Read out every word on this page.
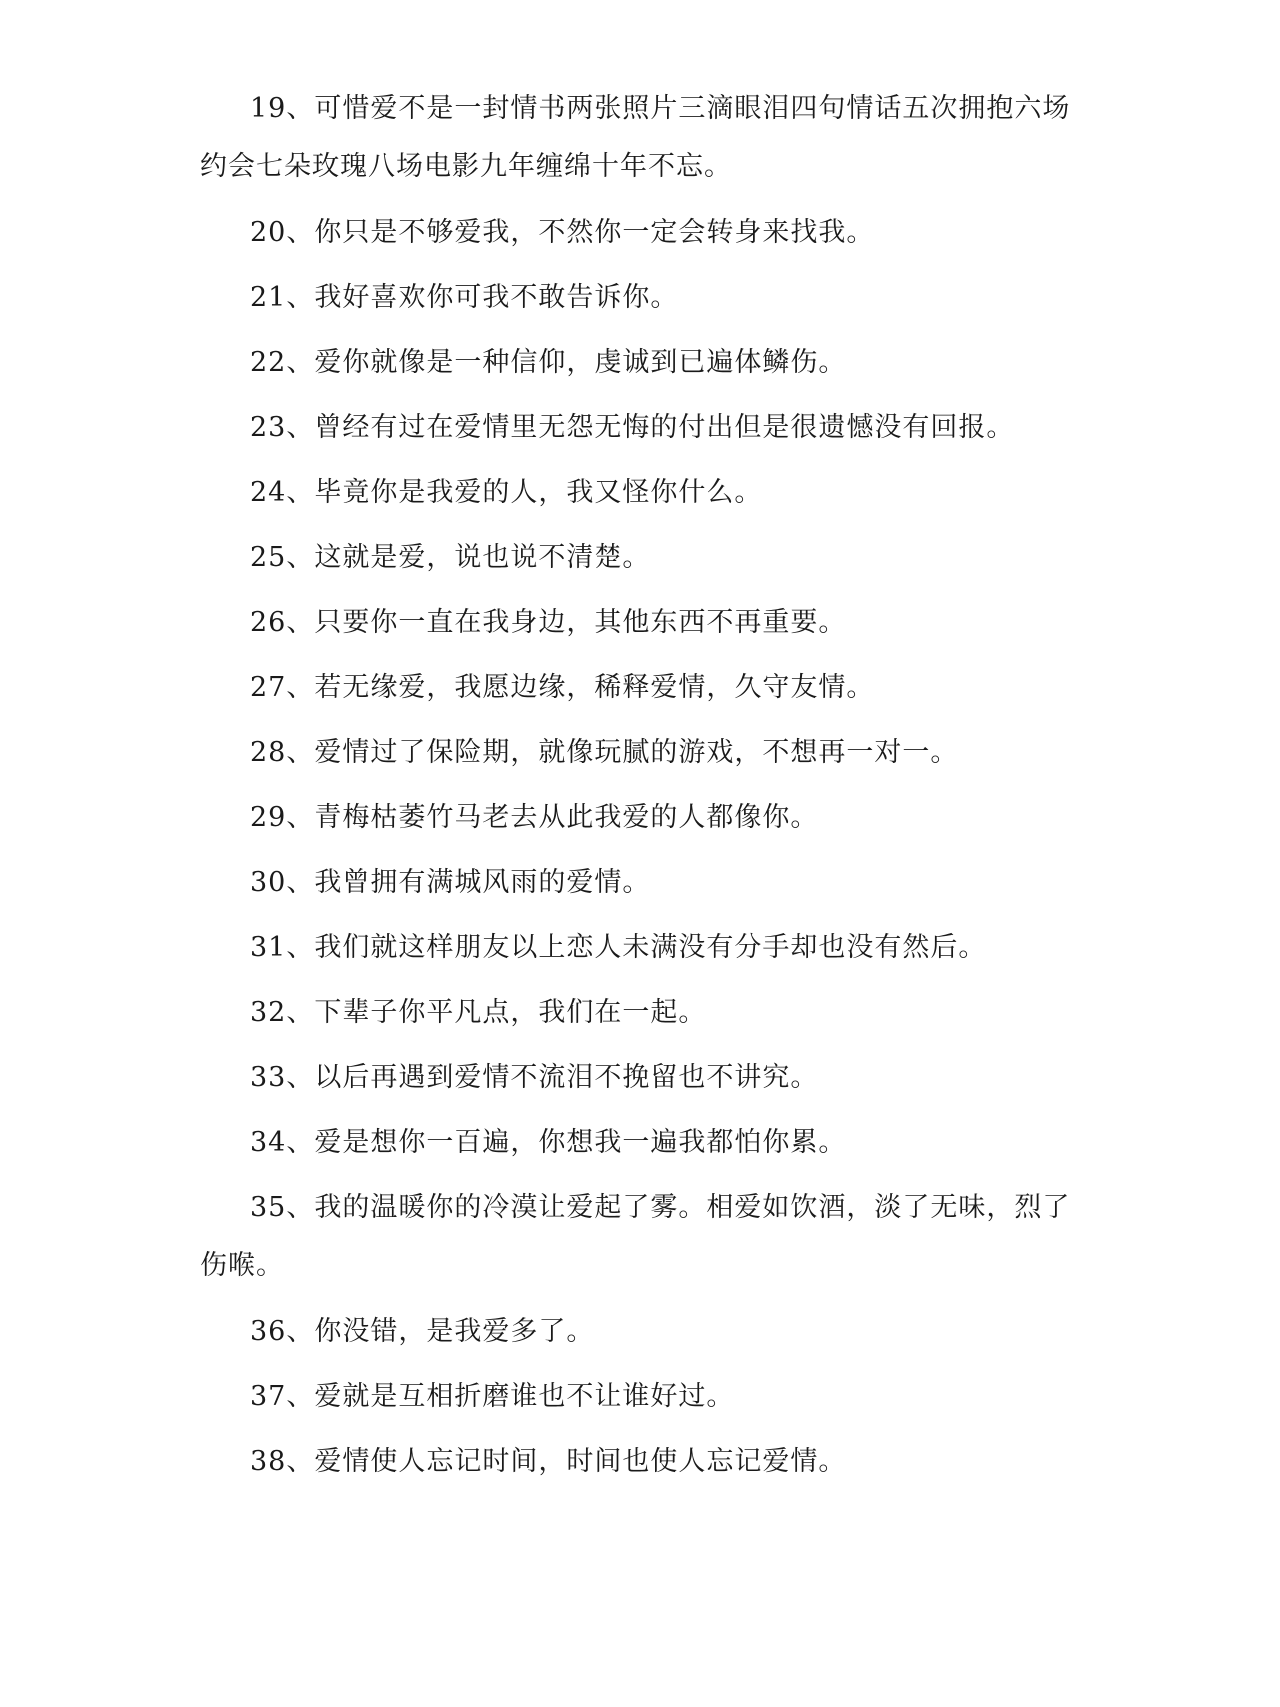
19、可惜爱不是一封情书两张照片三滴眼泪四句情话五次拥抱六场
约会七朵玫瑰八场电影九年缠绵十年不忘。
20、你只是不够爱我，不然你一定会转身来找我。
21、我好喜欢你可我不敢告诉你。
22、爱你就像是一种信仰，虔诚到已遍体鳞伤。
23、曾经有过在爱情里无怨无悔的付出但是很遗憾没有回报。
24、毕竟你是我爱的人，我又怪你什么。
25、这就是爱，说也说不清楚。
26、只要你一直在我身边，其他东西不再重要。
27、若无缘爱，我愿边缘，稀释爱情，久守友情。
28、爱情过了保险期，就像玩腻的游戏，不想再一对一。
29、青梅枯萎竹马老去从此我爱的人都像你。
30、我曾拥有满城风雨的爱情。
31、我们就这样朋友以上恋人未满没有分手却也没有然后。
32、下辈子你平凡点，我们在一起。
33、以后再遇到爱情不流泪不挽留也不讲究。
34、爱是想你一百遍，你想我一遍我都怕你累。
35、我的温暖你的冷漠让爱起了雾。相爱如饮酒，淡了无味，烈了
伤喉。
36、你没错，是我爱多了。
37、爱就是互相折磨谁也不让谁好过。
38、爱情使人忘记时间，时间也使人忘记爱情。
